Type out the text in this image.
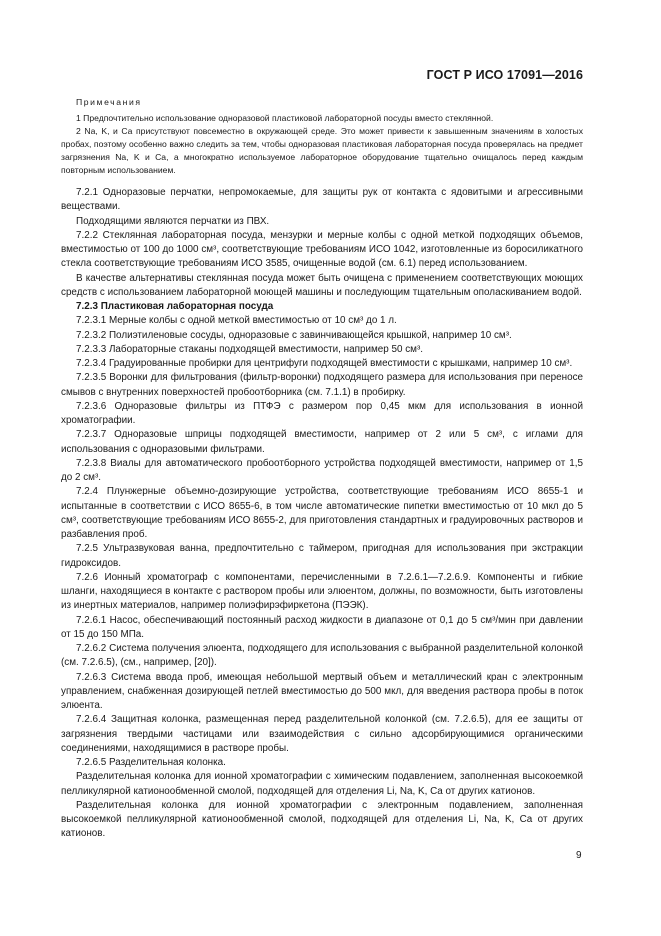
ГОСТ Р ИСО 17091—2016
Примечания
1 Предпочтительно использование одноразовой пластиковой лабораторной посуды вместо стеклянной.
2 Na, K, и Ca присутствуют повсеместно в окружающей среде. Это может привести к завышенным значениям в холостых пробах, поэтому особенно важно следить за тем, чтобы одноразовая пластиковая лабораторная посуда проверялась на предмет загрязнения Na, K и Ca, а многократно используемое лабораторное оборудование тщательно очищалось перед каждым повторным использованием.
7.2.1 Одноразовые перчатки, непромокаемые, для защиты рук от контакта с ядовитыми и агрессивными веществами.
Подходящими являются перчатки из ПВХ.
7.2.2 Стеклянная лабораторная посуда, мензурки и мерные колбы с одной меткой подходящих объемов, вместимостью от 100 до 1000 см³, соответствующие требованиям ИСО 1042, изготовленные из боросиликатного стекла соответствующие требованиям ИСО 3585, очищенные водой (см. 6.1) перед использованием.
В качестве альтернативы стеклянная посуда может быть очищена с применением соответствующих моющих средств с использованием лабораторной моющей машины и последующим тщательным ополаскиванием водой.
7.2.3 Пластиковая лабораторная посуда
7.2.3.1 Мерные колбы с одной меткой вместимостью от 10 см³ до 1 л.
7.2.3.2 Полиэтиленовые сосуды, одноразовые с завинчивающейся крышкой, например 10 см³.
7.2.3.3 Лабораторные стаканы подходящей вместимости, например 50 см³.
7.2.3.4 Градуированные пробирки для центрифуги подходящей вместимости с крышками, например 10 см³.
7.2.3.5 Воронки для фильтрования (фильтр-воронки) подходящего размера для использования при переносе смывов с внутренних поверхностей пробоотборника (см. 7.1.1) в пробирку.
7.2.3.6 Одноразовые фильтры из ПТФЭ с размером пор 0,45 мкм для использования в ионной хроматографии.
7.2.3.7 Одноразовые шприцы подходящей вместимости, например от 2 или 5 см³, с иглами для использования с одноразовыми фильтрами.
7.2.3.8 Виалы для автоматического пробоотборного устройства подходящей вместимости, например от 1,5 до 2 см³.
7.2.4 Плунжерные объемно-дозирующие устройства, соответствующие требованиям ИСО 8655-1 и испытанные в соответствии с ИСО 8655-6, в том числе автоматические пипетки вместимостью от 10 мкл до 5 см³, соответствующие требованиям ИСО 8655-2, для приготовления стандартных и градуировочных растворов и разбавления проб.
7.2.5 Ультразвуковая ванна, предпочтительно с таймером, пригодная для использования при экстракции гидроксидов.
7.2.6 Ионный хроматограф с компонентами, перечисленными в 7.2.6.1—7.2.6.9. Компоненты и гибкие шланги, находящиеся в контакте с раствором пробы или элюентом, должны, по возможности, быть изготовлены из инертных материалов, например полиэфирэфиркетона (ПЭЭК).
7.2.6.1 Насос, обеспечивающий постоянный расход жидкости в диапазоне от 0,1 до 5 см³/мин при давлении от 15 до 150 МПа.
7.2.6.2 Система получения элюента, подходящего для использования с выбранной разделительной колонкой (см. 7.2.6.5), (см., например, [20]).
7.2.6.3 Система ввода проб, имеющая небольшой мертвый объем и металлический кран с электронным управлением, снабженная дозирующей петлей вместимостью до 500 мкл, для введения раствора пробы в поток элюента.
7.2.6.4 Защитная колонка, размещенная перед разделительной колонкой (см. 7.2.6.5), для ее защиты от загрязнения твердыми частицами или взаимодействия с сильно адсорбирующимися органическими соединениями, находящимися в растворе пробы.
7.2.6.5 Разделительная колонка.
Разделительная колонка для ионной хроматографии с химическим подавлением, заполненная высокоемкой пелликулярной катионообменной смолой, подходящей для отделения Li, Na, K, Ca от других катионов.
Разделительная колонка для ионной хроматографии с электронным подавлением, заполненная высокоемкой пелликулярной катионообменной смолой, подходящей для отделения Li, Na, K, Ca от других катионов.
9
